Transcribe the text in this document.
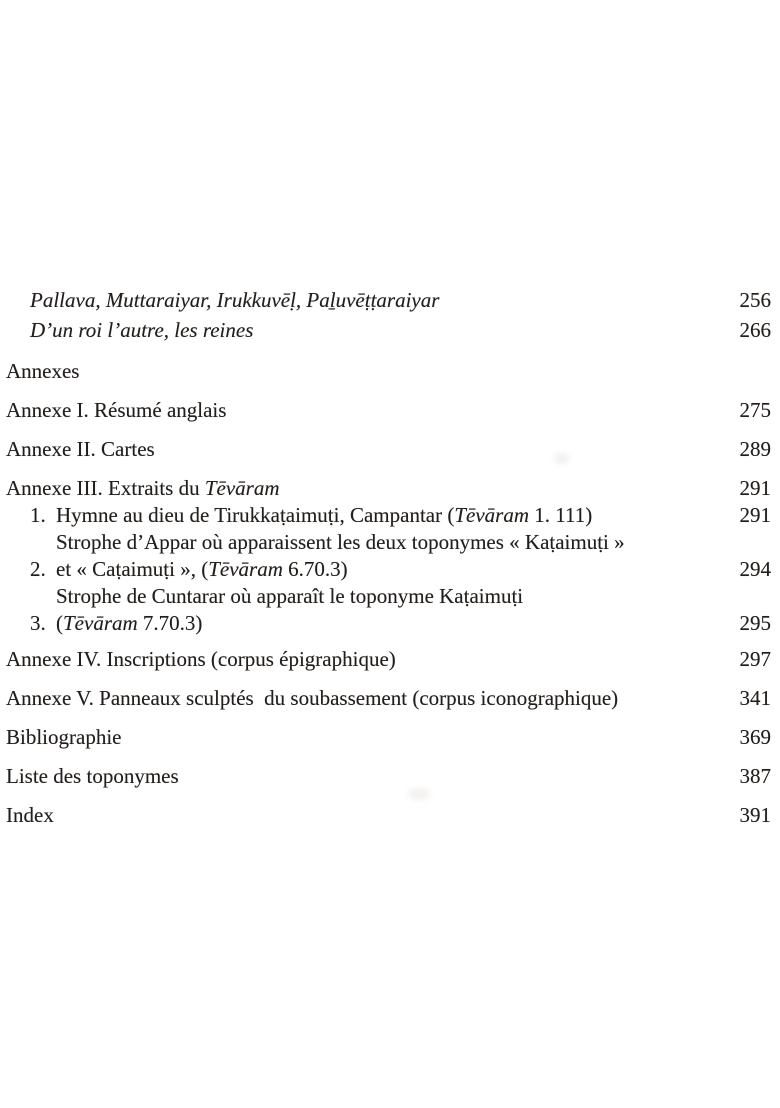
Pallava, Muttaraiyar, Irukkuvēḷ, Paḻuvēṭṭaraiyar	256
D’un roi l’autre, les reines	266
Annexes
Annexe I. Résumé anglais	275
Annexe II. Cartes	289
Annexe III. Extraits du Tēvāram	291
1. Hymne au dieu de Tirukkaṭaimuṭi, Campantar (Tēvāram 1. 111)	291
2.
Strophe d’Appar où apparaissent les deux toponymes « Kaṭaimuṭi »
et « Caṭaimuṭi », (Tēvāram 6.70.3)	294
3.
Strophe de Cuntarar où apparaît le toponyme Kaṭaimuṭi
(Tēvāram 7.70.3)	295
Annexe IV. Inscriptions (corpus épigraphique)	297
Annexe V. Panneaux sculptés  du soubassement (corpus iconographique)	341
Bibliographie	369
Liste des toponymes	387
Index	391
